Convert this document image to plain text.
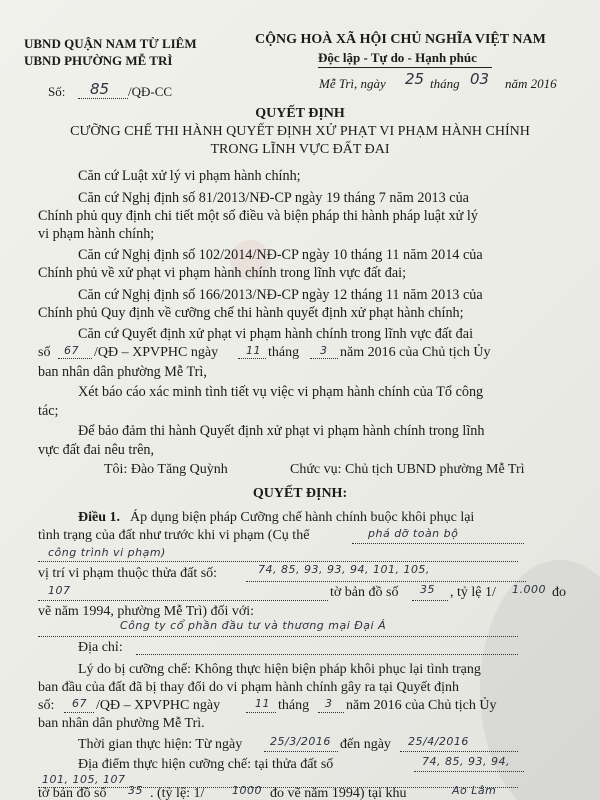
UBND QUẬN NAM TỪ LIÊM
UBND PHƯỜNG MỄ TRÌ
Số: 85 /QĐ-CC
CỘNG HOÀ XÃ HỘI CHỦ NGHĨA VIỆT NAM
Độc lập - Tự do - Hạnh phúc
Mễ Trì, ngày 25 tháng 03 năm 2016
QUYẾT ĐỊNH
CƯỠNG CHẾ THI HÀNH QUYẾT ĐỊNH XỬ PHẠT VI PHẠM HÀNH CHÍNH
TRONG LĨNH VỰC ĐẤT ĐAI
Căn cứ Luật xử lý vi phạm hành chính;
Căn cứ Nghị định số 81/2013/NĐ-CP ngày 19 tháng 7 năm 2013 của
Chính phủ quy định chi tiết một số điều và biện pháp thi hành pháp luật xử lý
vi phạm hành chính;
Căn cứ Nghị định số 102/2014/NĐ-CP ngày 10 tháng 11 năm 2014 của
Chính phủ về xử phạt vi phạm hành chính trong lĩnh vực đất đai;
Căn cứ Nghị định số 166/2013/NĐ-CP ngày 12 tháng 11 năm 2013 của
Chính phủ Quy định về cưỡng chế thi hành quyết định xử phạt hành chính;
Căn cứ Quyết định xử phạt vi phạm hành chính trong lĩnh vực đất đai
số 67 /QĐ – XPVPHC ngày	11 tháng 3 năm 2016 của Chủ tịch Ủy
ban nhân dân phường Mễ Trì,
Xét báo cáo xác minh tình tiết vụ việc vi phạm hành chính của Tổ công
tác;
Để bảo đảm thi hành Quyết định xử phạt vi phạm hành chính trong lĩnh
vực đất đai nêu trên,
Tôi: Đào Tăng Quỳnh	Chức vụ: Chủ tịch UBND phường Mễ Trì
QUYẾT ĐỊNH:
Điều 1. Áp dụng biện pháp Cưỡng chế hành chính buộc khôi phục lại
tình trạng của đất như trước khi vi phạm (Cụ thể	phá dỡ toàn bộ
công trình vi phạm)
vị trí vi phạm thuộc thửa đất số:	74, 85, 93, 93, 94, 101, 105,
107	tờ bản đồ số 35 , tỷ lệ 1/ 1.000 đo
vẽ năm 1994, phường Mễ Trì) đối với:
Công ty cổ phần đầu tư và thương mại Đại Á
Địa chỉ:
Lý do bị cưỡng chế: Không thực hiện biện pháp khôi phục lại tình trạng
ban đầu của đất đã bị thay đổi do vi phạm hành chính gây ra tại Quyết định
số: 67 /QĐ – XPVPHC ngày	11 tháng 3 năm 2016 của Chủ tịch Ủy
ban nhân dân phường Mễ Trì.
Thời gian thực hiện: Từ ngày	25/3/2016 đến ngày 25/4/2016
Địa điểm thực hiện cưỡng chế: tại thửa đất số	74, 85, 93, 94,
101, 105, 107
tờ bản đồ số 35 . (tỷ lệ: 1/	1000 đo vẽ năm 1994) tại khu	Ao Lâm
